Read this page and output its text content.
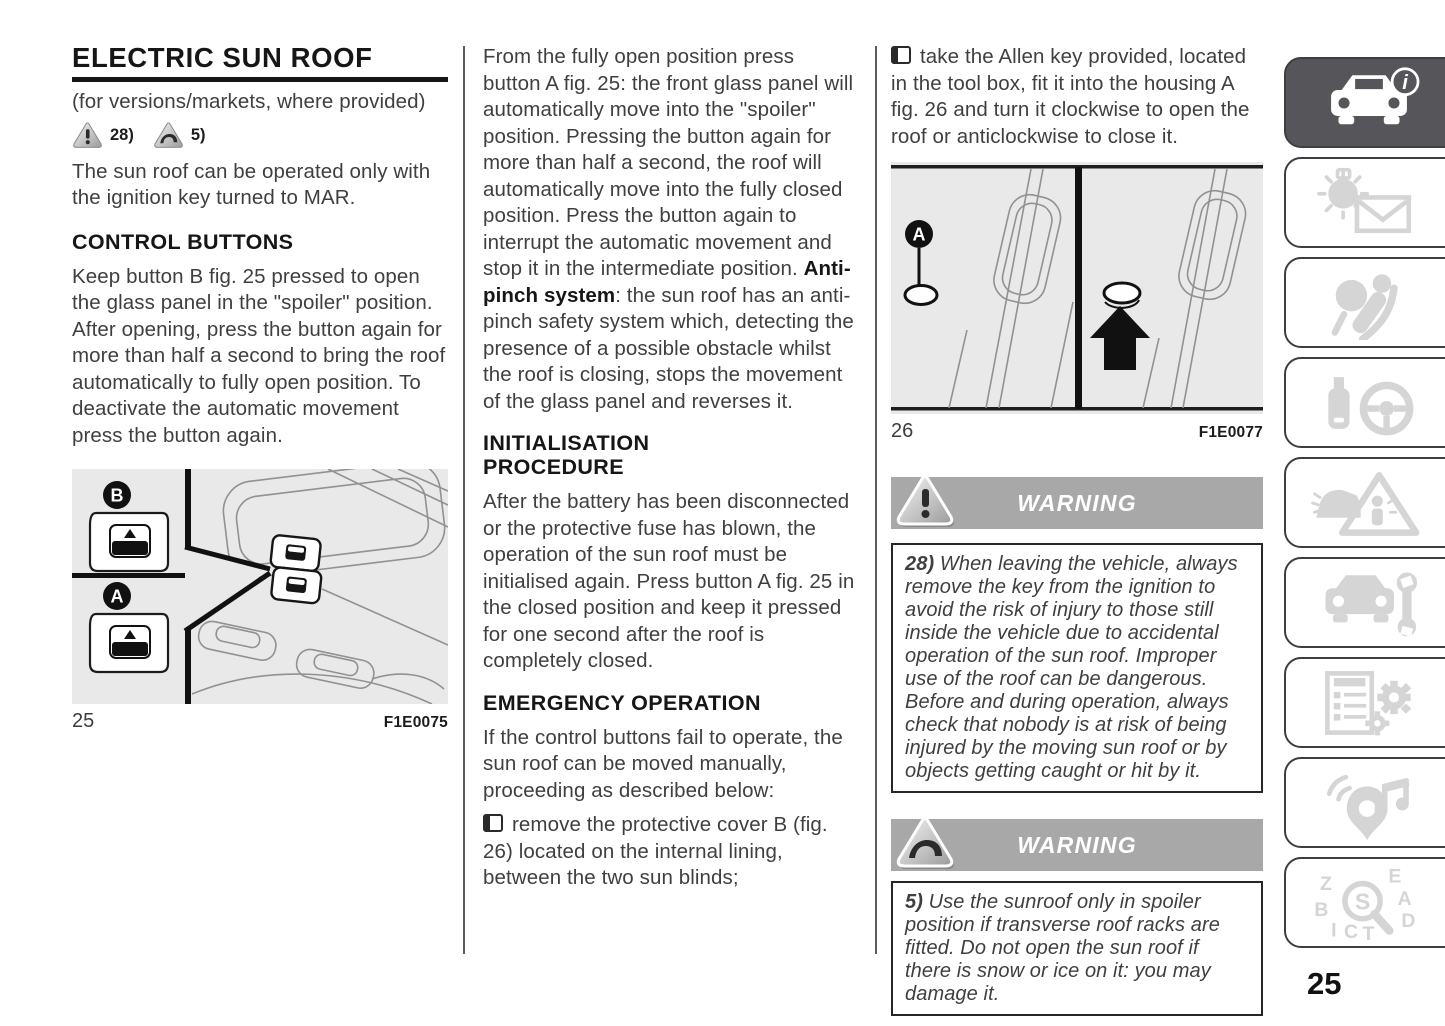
ELECTRIC SUN ROOF

(for versions/markets, where provided)

28)	5)

The sun roof can be operated only with the ignition key turned to MAR.

CONTROL BUTTONS

Keep button B fig. 25 pressed to open the glass panel in the "spoiler" position. After opening, press the button again for more than half a second to bring the roof automatically to fully open position. To deactivate the automatic movement press the button again.

B
A
25	F1E0075

From the fully open position press button A fig. 25: the front glass panel will automatically move into the "spoiler" position. Pressing the button again for more than half a second, the roof will automatically move into the fully closed position. Press the button again to interrupt the automatic movement and stop it in the intermediate position. Anti-pinch system: the sun roof has an anti-pinch safety system which, detecting the presence of a possible obstacle whilst the roof is closing, stops the movement of the glass panel and reverses it.

INITIALISATION PROCEDURE

After the battery has been disconnected or the protective fuse has blown, the operation of the sun roof must be initialised again. Press button A fig. 25 in the closed position and keep it pressed for one second after the roof is completely closed.

EMERGENCY OPERATION

If the control buttons fail to operate, the sun roof can be moved manually, proceeding as described below:

remove the protective cover B (fig. 26) located on the internal lining, between the two sun blinds;

take the Allen key provided, located in the tool box, fit it into the housing A fig. 26 and turn it clockwise to open the roof or anticlockwise to close it.

A
26	F1E0077
WARNING

28) When leaving the vehicle, always remove the key from the ignition to avoid the risk of injury to those still inside the vehicle due to accidental operation of the sun roof. Improper use of the roof can be dangerous. Before and during operation, always check that nobody is at risk of being injured by the moving sun roof or by objects getting caught or hit by it.

WARNING

5) Use the sunroof only in spoiler position if transverse roof racks are fitted. Do not open the sun roof if there is snow or ice on it: you may damage it.

i
Z
B
E
A
D
I C T
S
25
